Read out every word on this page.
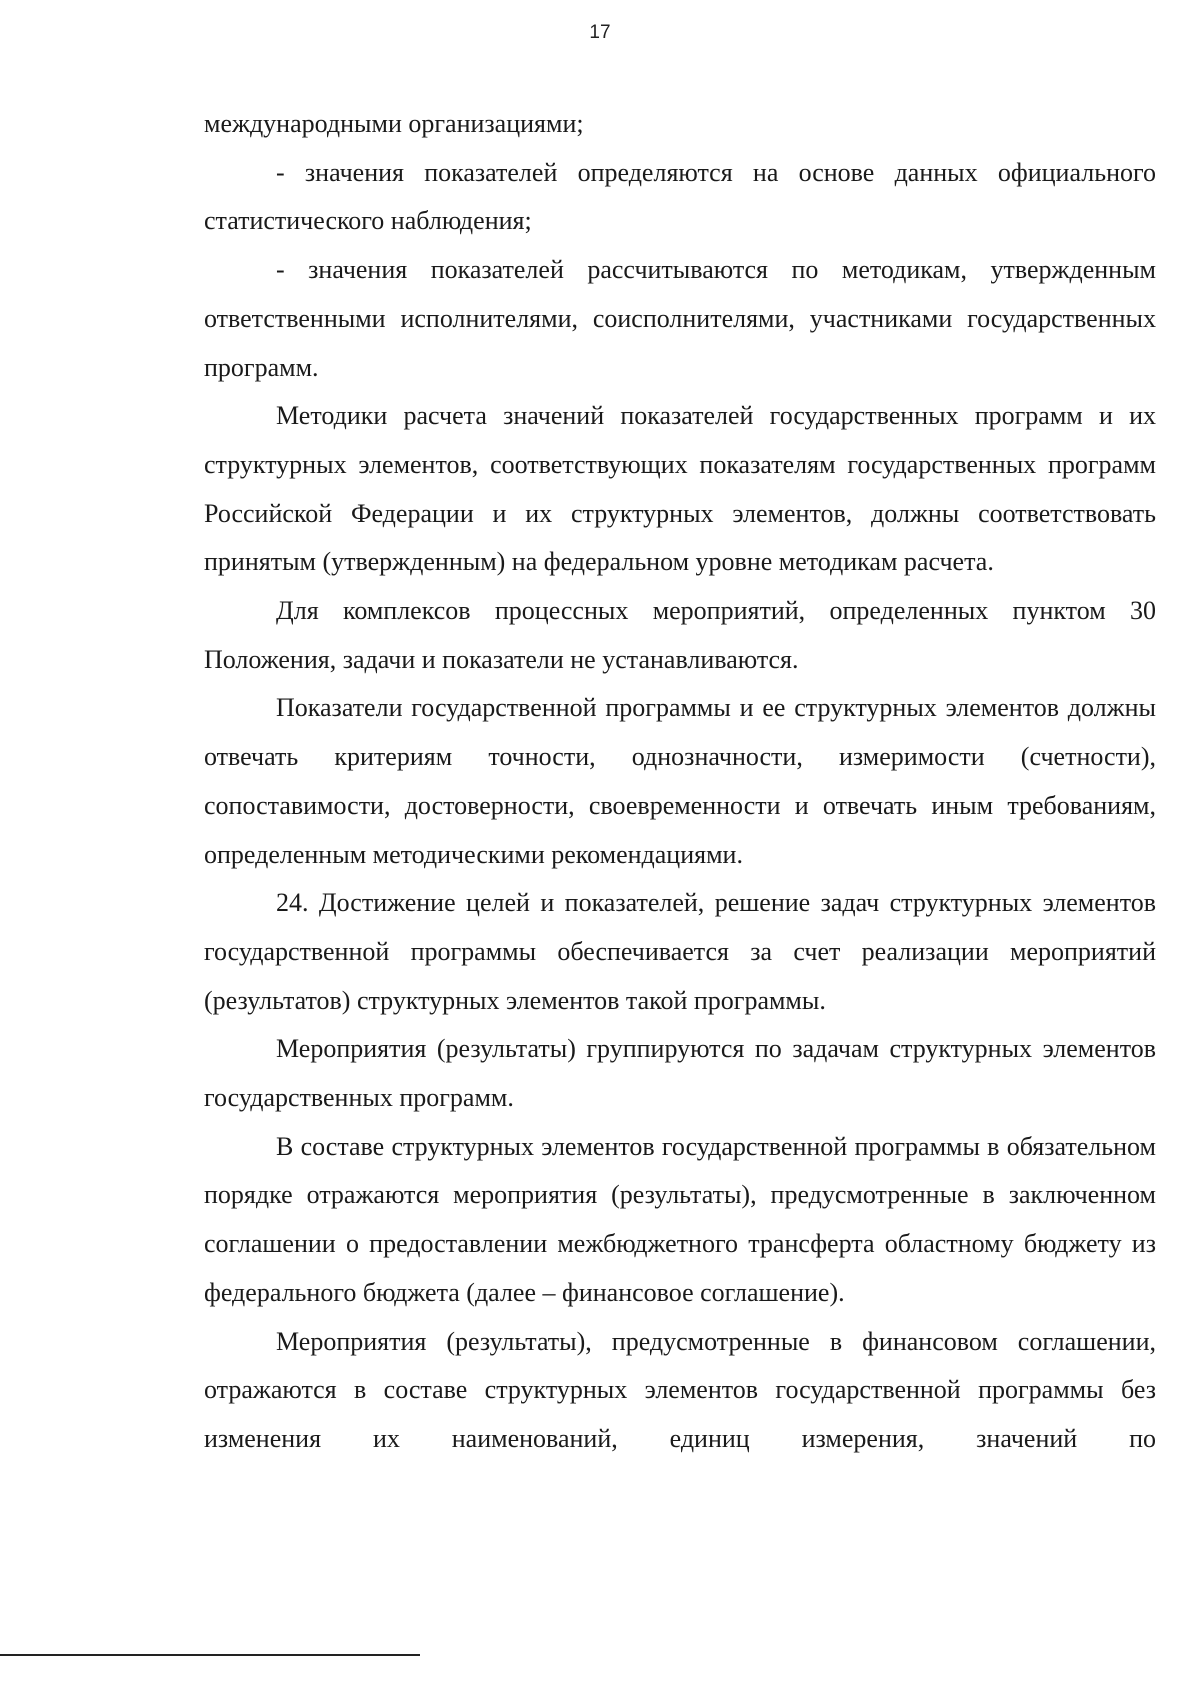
17

международными организациями;

- значения показателей определяются на основе данных официального статистического наблюдения;

- значения показателей рассчитываются по методикам, утвержденным ответственными исполнителями, соисполнителями, участниками государственных программ.

Методики расчета значений показателей государственных программ и их структурных элементов, соответствующих показателям государственных программ Российской Федерации и их структурных элементов, должны соответствовать принятым (утвержденным) на федеральном уровне методикам расчета.

Для комплексов процессных мероприятий, определенных пунктом 30 Положения, задачи и показатели не устанавливаются.

Показатели государственной программы и ее структурных элементов должны отвечать критериям точности, однозначности, измеримости (счетности), сопоставимости, достоверности, своевременности и отвечать иным требованиям, определенным методическими рекомендациями.

24. Достижение целей и показателей, решение задач структурных элементов государственной программы обеспечивается за счет реализации мероприятий (результатов) структурных элементов такой программы.

Мероприятия (результаты) группируются по задачам структурных элементов государственных программ.

В составе структурных элементов государственной программы в обязательном порядке отражаются мероприятия (результаты), предусмотренные в заключенном соглашении о предоставлении межбюджетного трансферта областному бюджету из федерального бюджета (далее – финансовое соглашение).

Мероприятия (результаты), предусмотренные в финансовом соглашении, отражаются в составе структурных элементов государственной программы без изменения их наименований, единиц измерения, значений по
